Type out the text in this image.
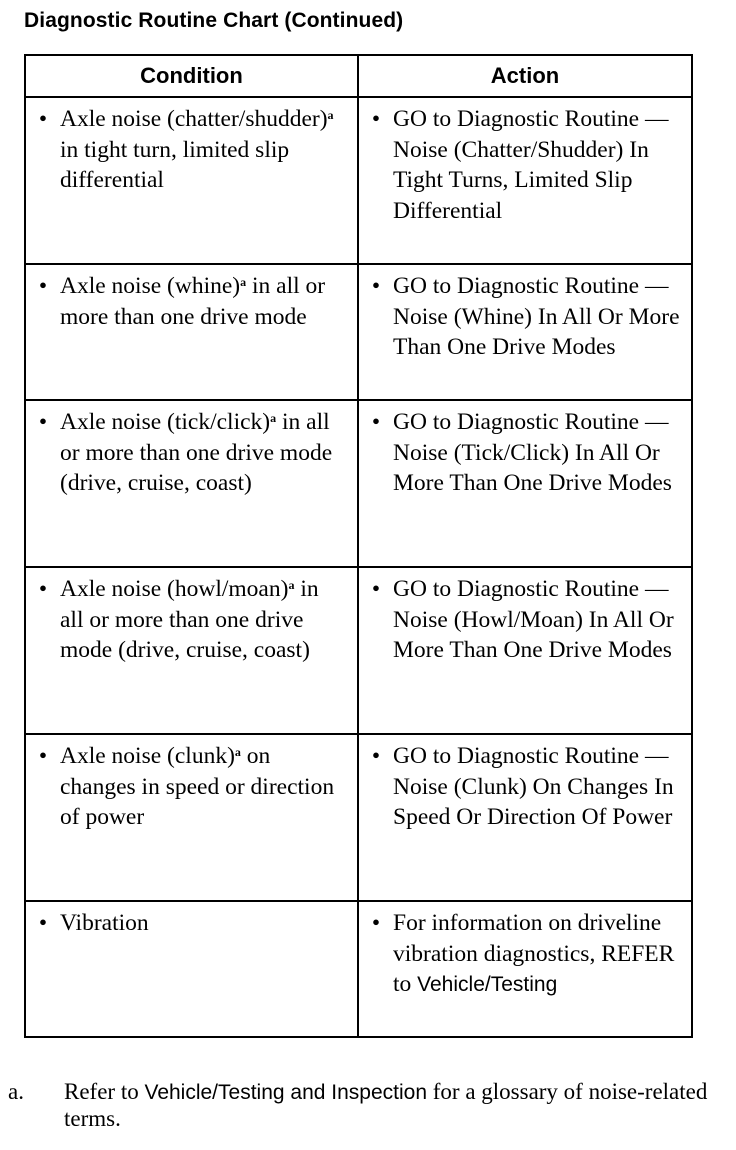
Diagnostic Routine Chart (Continued)
Condition	Action

• Axle noise (chatter/shudder)$^a$ in tight turn, limited slip differential	• GO to Diagnostic Routine — Noise (Chatter/Shudder) In Tight Turns, Limited Slip Differential

• Axle noise (whine)$^a$ in all or more than one drive mode	• GO to Diagnostic Routine — Noise (Whine) In All Or More Than One Drive Modes

• Axle noise (tick/click)$^a$ in all or more than one drive mode (drive, cruise, coast)	• GO to Diagnostic Routine — Noise (Tick/Click) In All Or More Than One Drive Modes

• Axle noise (howl/moan)$^a$ in all or more than one drive mode (drive, cruise, coast)	• GO to Diagnostic Routine — Noise (Howl/Moan) In All Or More Than One Drive Modes

• Axle noise (clunk)$^a$ on changes in speed or direction of power	• GO to Diagnostic Routine — Noise (Clunk) On Changes In Speed Or Direction Of Power

• Vibration	• For information on driveline vibration diagnostics, REFER to Vehicle/Testing
a. Refer to Vehicle/Testing and Inspection for a glossary of noise-related terms.
